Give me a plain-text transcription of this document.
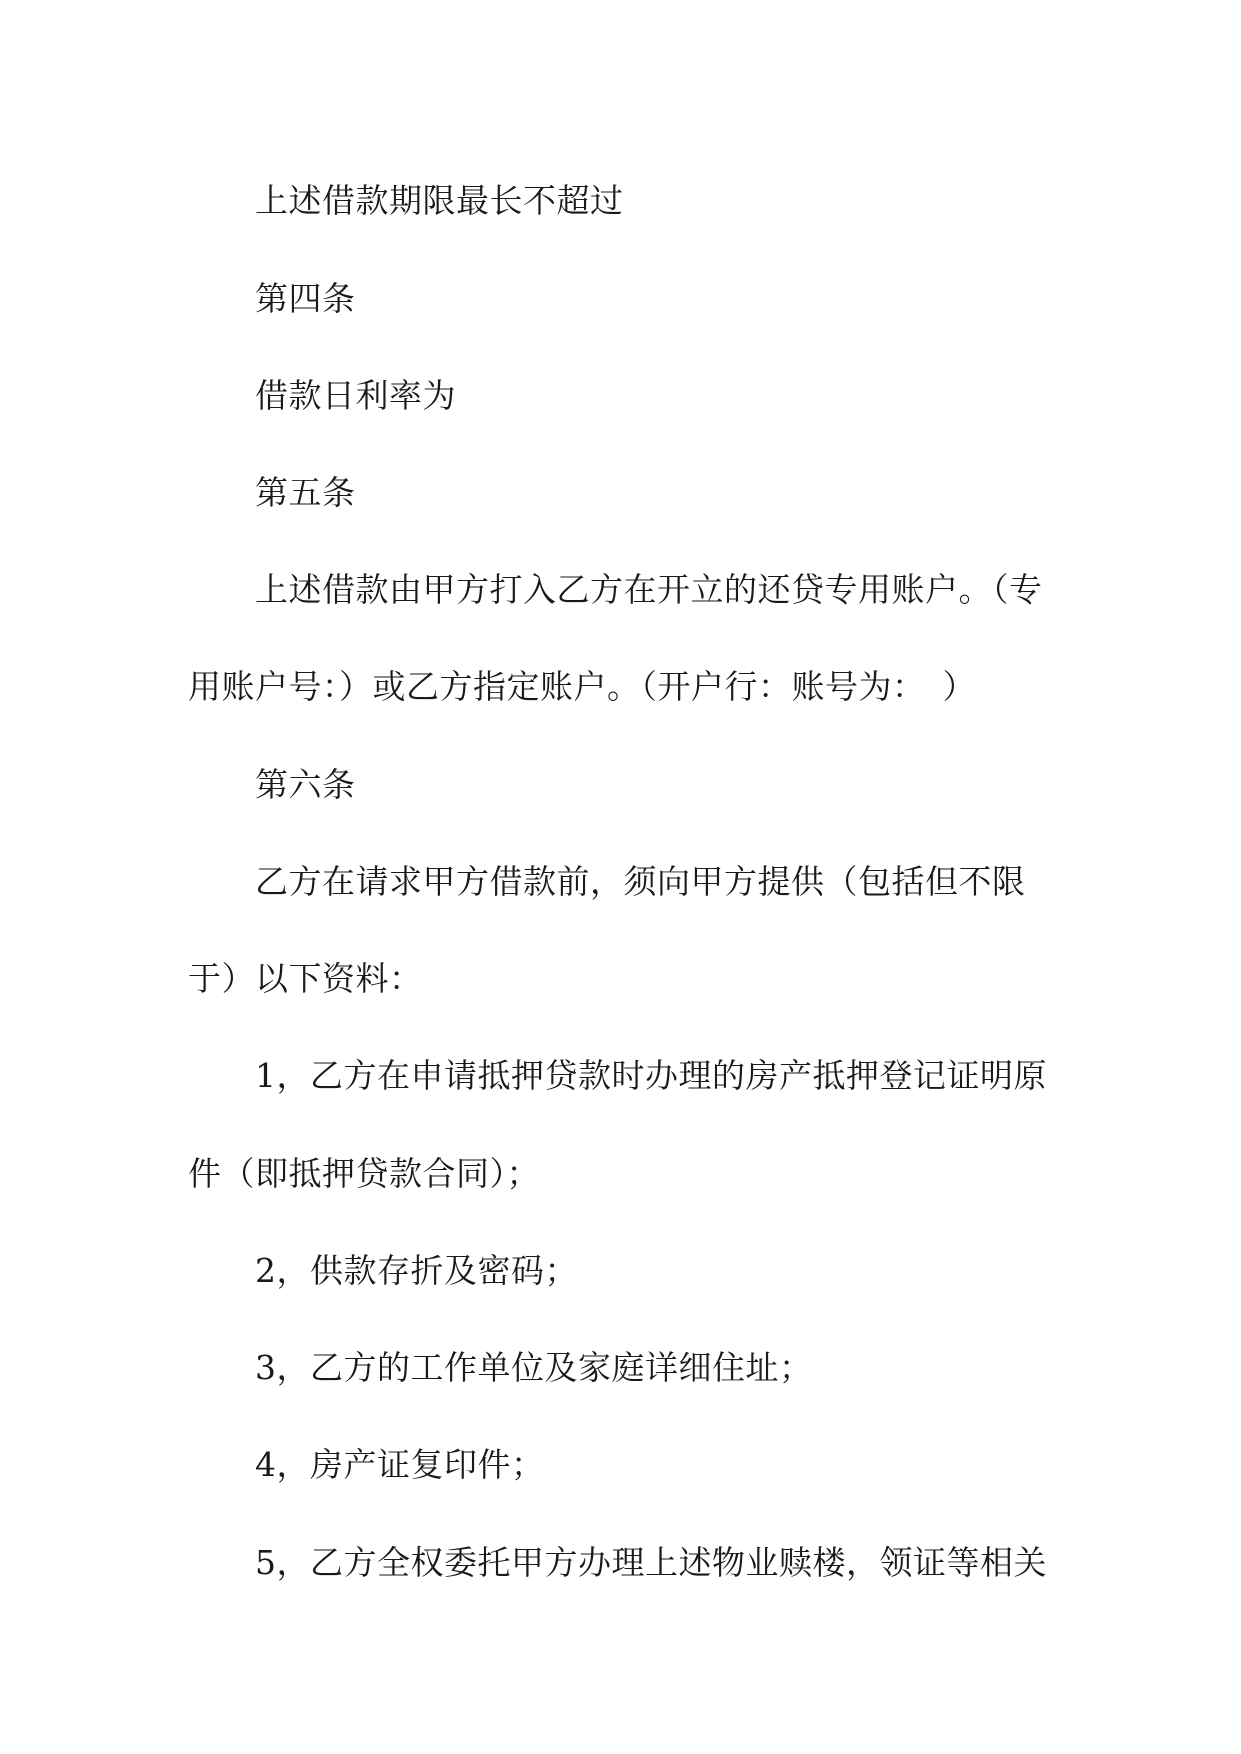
上述借款期限最长不超过
第四条
借款日利率为
第五条
上述借款由甲方打入乙方在开立的还贷专用账户。（专
用账户号：）或乙方指定账户。（开户行：账号为：　）
第六条
乙方在请求甲方借款前，须向甲方提供（包括但不限
于）以下资料：
1，乙方在申请抵押贷款时办理的房产抵押登记证明原
件（即抵押贷款合同）；
2，供款存折及密码；
3，乙方的工作单位及家庭详细住址；
4，房产证复印件；
5，乙方全权委托甲方办理上述物业赎楼，领证等相关
